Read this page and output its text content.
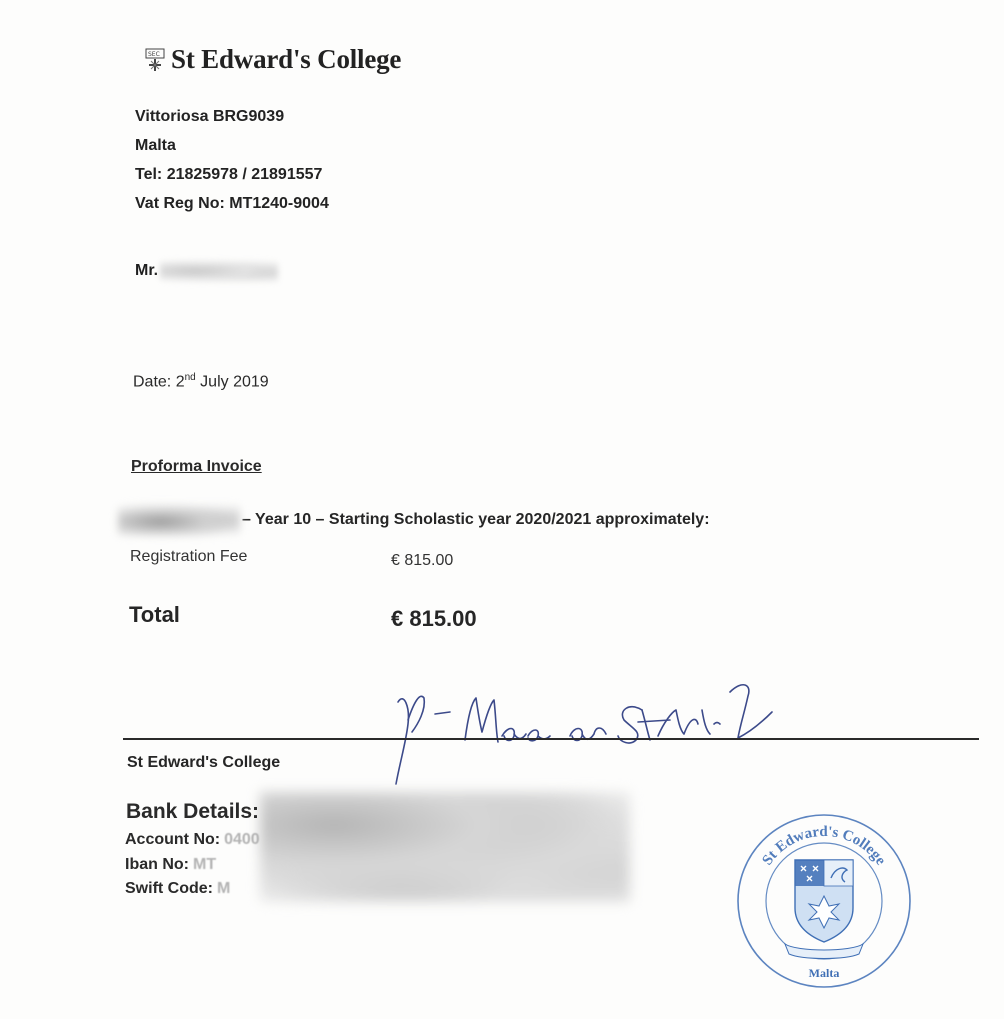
SEC St Edward's College
Vittoriosa BRG9039
Malta
Tel: 21825978 / 21891557
Vat Reg No: MT1240-9004
Mr.
Date: 2nd July 2019
Proforma Invoice
– Year 10 – Starting Scholastic year 2020/2021 approximately:
Registration Fee	€ 815.00
Total	€ 815.00
St Edward's College
Bank Details:
Account No: 0400
Iban No: MT
Swift Code: M
St Edward's College
Malta
